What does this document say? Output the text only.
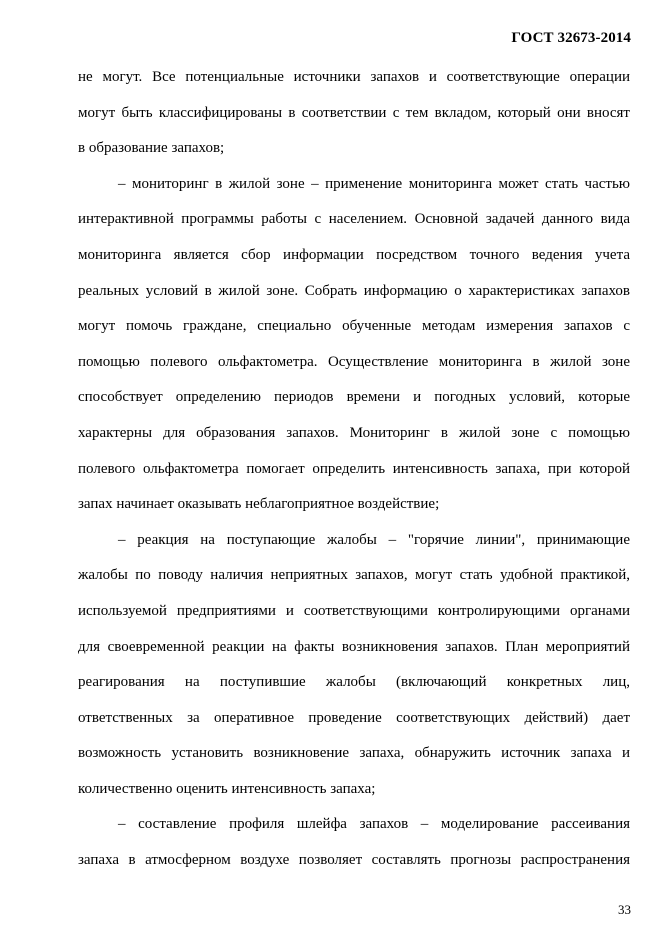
ГОСТ 32673-2014
не могут. Все потенциальные источники запахов и соответствующие операции
могут быть классифицированы в соответствии с тем вкладом, который они вносят
в образование запахов;
– мониторинг в жилой зоне – применение мониторинга может стать частью
интерактивной программы работы с населением. Основной задачей данного вида
мониторинга является сбор информации посредством точного ведения учета
реальных условий в жилой зоне. Собрать информацию о характеристиках запахов
могут помочь граждане, специально обученные методам измерения запахов с
помощью полевого ольфактометра. Осуществление мониторинга в жилой зоне
способствует определению периодов времени и погодных условий, которые
характерны для образования запахов. Мониторинг в жилой зоне с помощью
полевого ольфактометра помогает определить интенсивность запаха, при которой
запах начинает оказывать неблагоприятное воздействие;
– реакция на поступающие жалобы – "горячие линии", принимающие
жалобы по поводу наличия неприятных запахов, могут стать удобной практикой,
используемой предприятиями и соответствующими контролирующими органами
для своевременной реакции на факты возникновения запахов. План мероприятий
реагирования на поступившие жалобы (включающий конкретных лиц,
ответственных за оперативное проведение соответствующих действий) дает
возможность установить возникновение запаха, обнаружить источник запаха и
количественно оценить интенсивность запаха;
– составление профиля шлейфа запахов – моделирование рассеивания
запаха в атмосферном воздухе позволяет составлять прогнозы распространения
33
